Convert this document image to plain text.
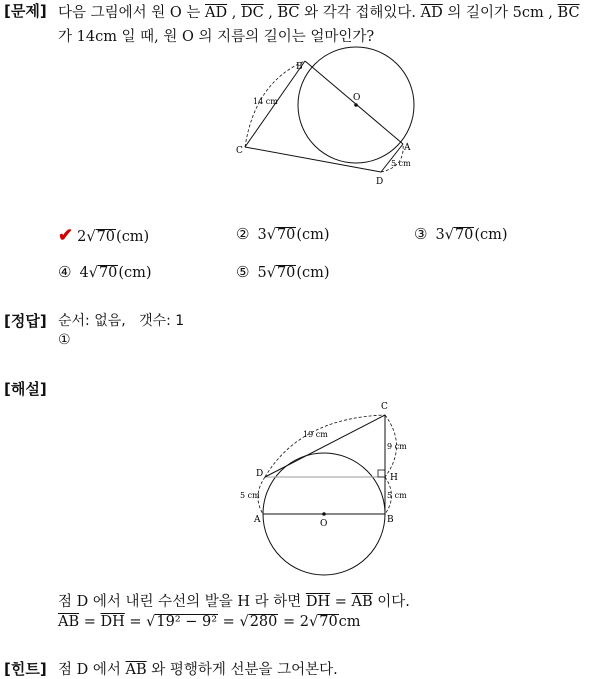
[문제] 다음 그림에서 원 O 는 $\overline{AD}$ , $\overline{DC}$ , $\overline{BC}$ 와 각각 접해있다. $\overline{AD}$ 의 길이가 5cm , $\overline{BC}$
가 14cm 일 때, 원 O 의 지름의 길이는 얼마인가?
B
O
C	A
D
14 cm
5 cm
✔ 2√70(cm)	② 3√70(cm)	③ 3√70(cm)
④ 4√70(cm)	⑤ 5√70(cm)
[정답] 순서: 없음,   갯수: 1
①
[해설]
C
D	H
A	O	B
19 cm
9 cm
5 cm	5 cm
점 D 에서 내린 수선의 발을 H 라 하면 $\overline{DH} = \overline{AB}$ 이다.
$\overline{AB} = \overline{DH} = √19^2 - 9^2 = √280 = 2√70cm$
[힌트] 점 D 에서 $\overline{AB}$ 와 평행하게 선분을 그어본다.
